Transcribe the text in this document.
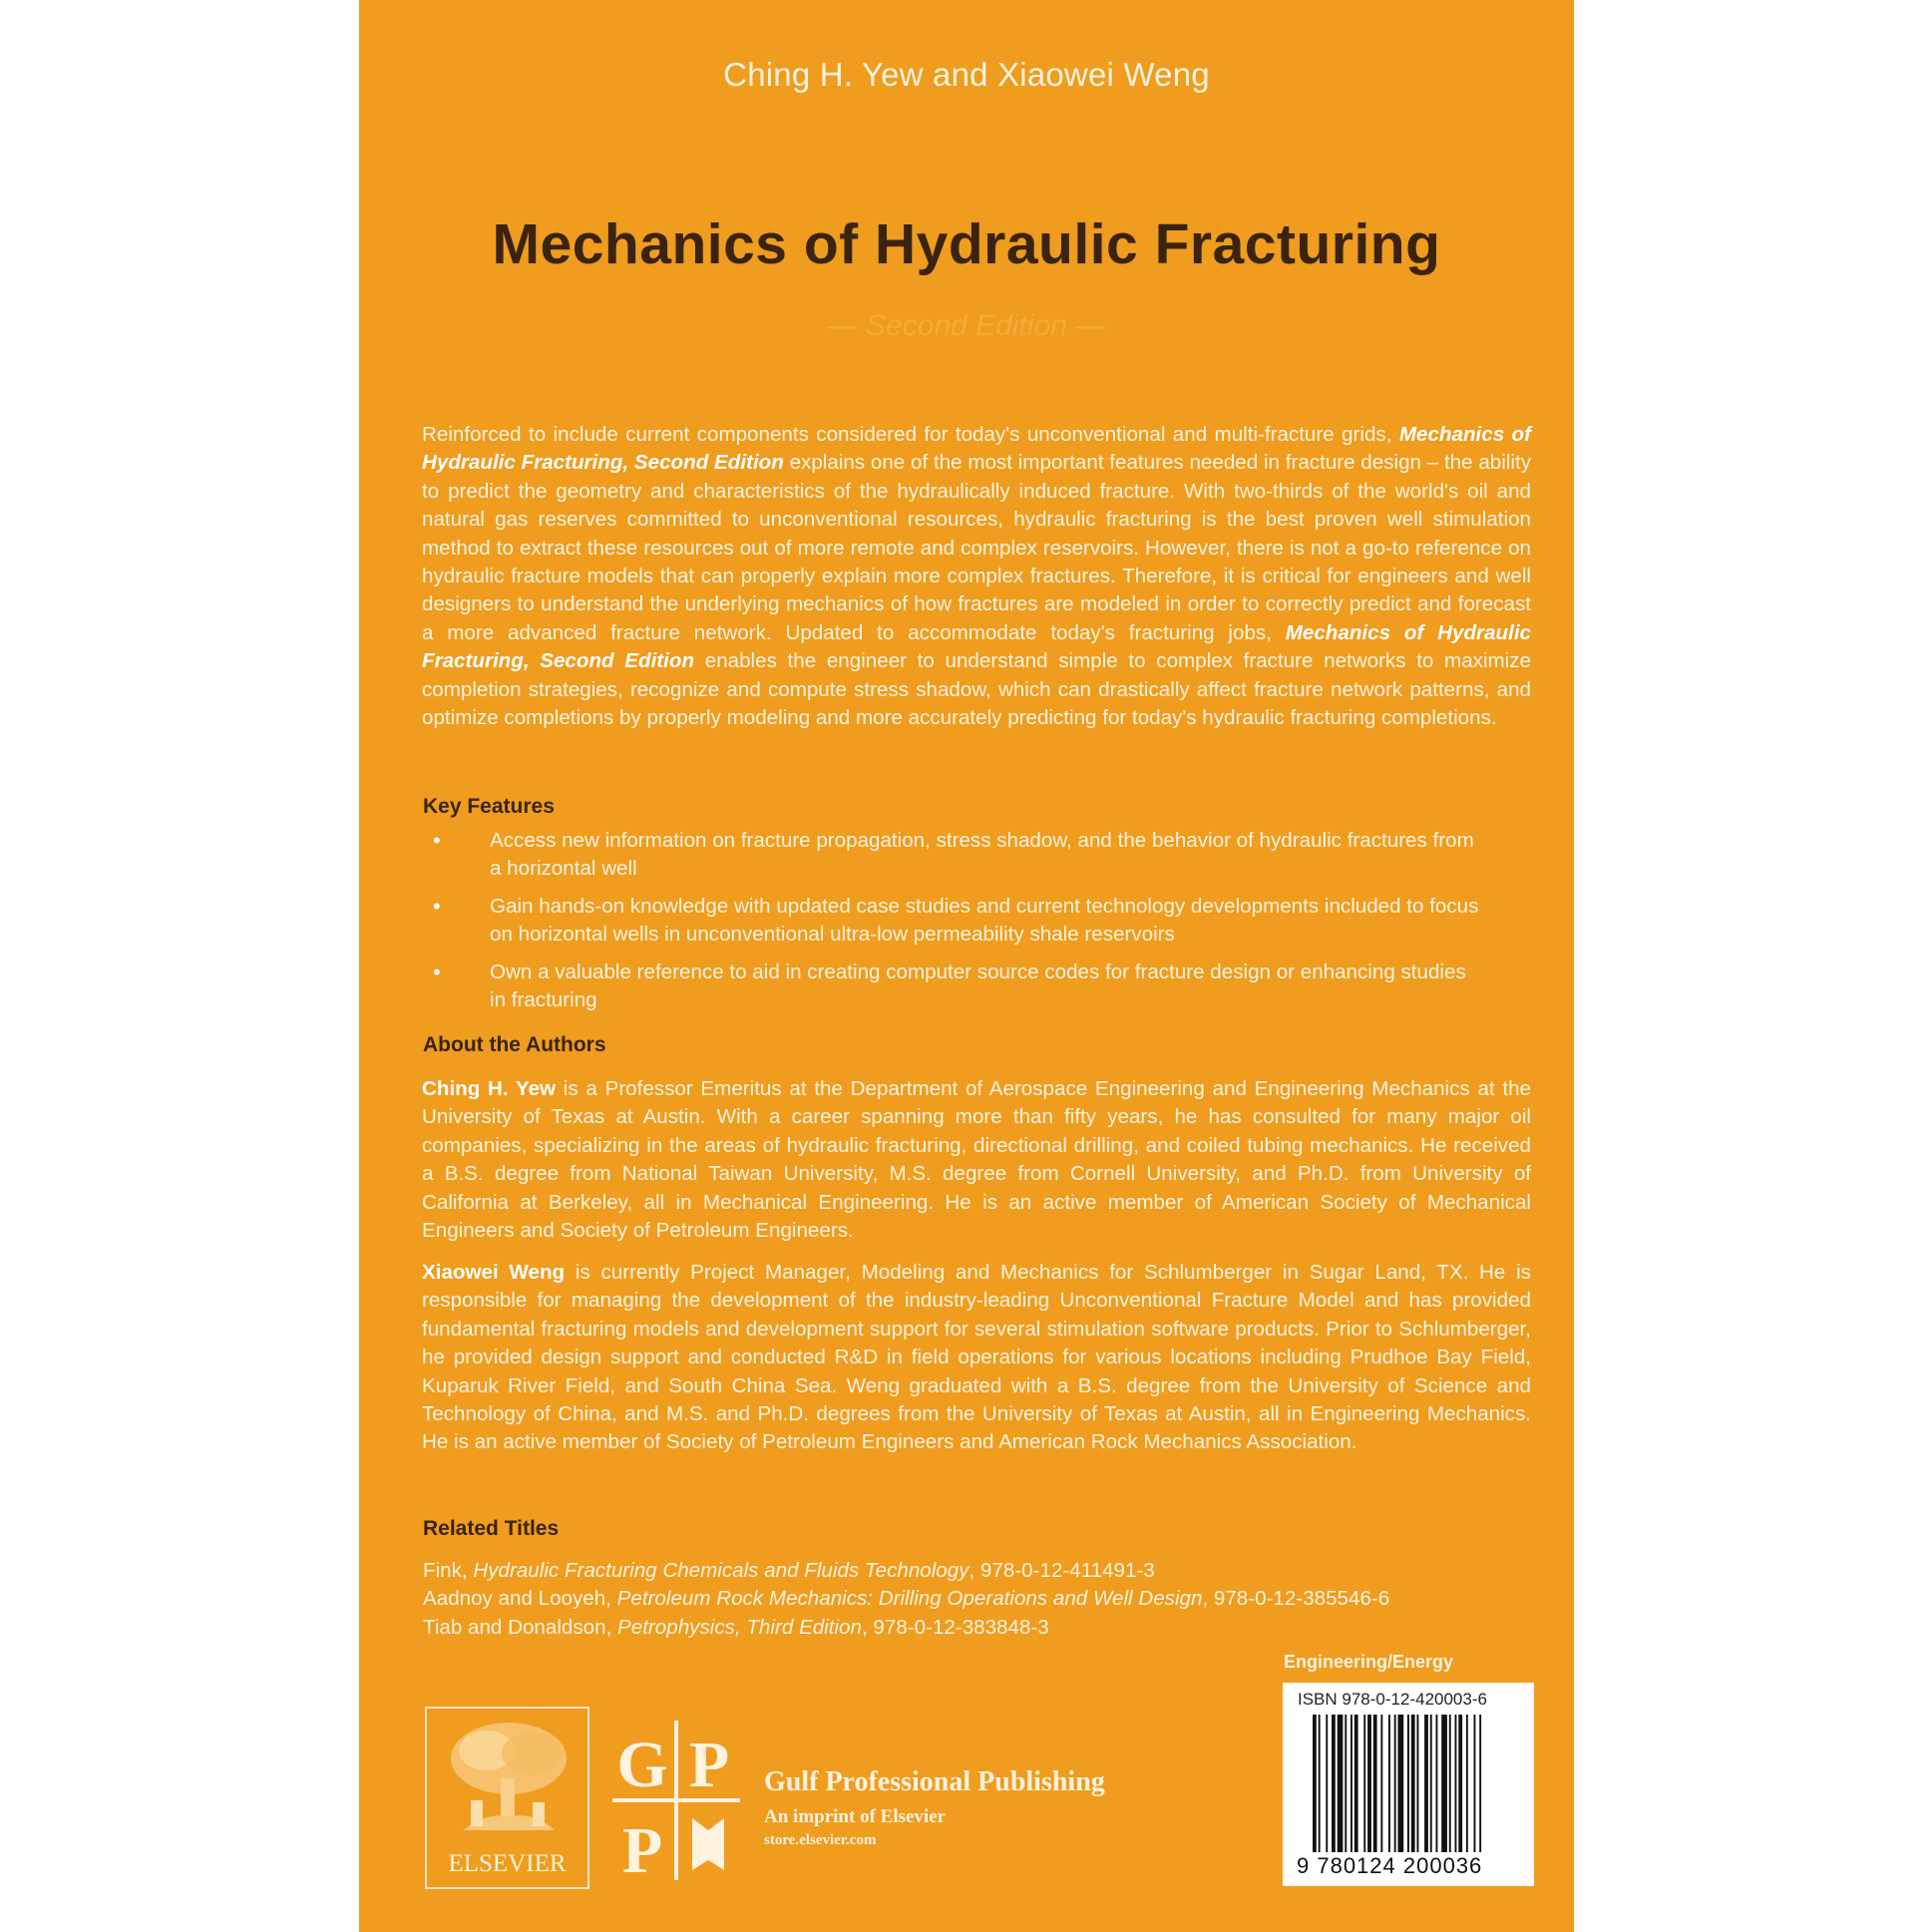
Ching H. Yew and Xiaowei Weng
Mechanics of Hydraulic Fracturing
— Second Edition —
Reinforced to include current components considered for today's unconventional and multi-fracture grids, Mechanics of Hydraulic Fracturing, Second Edition explains one of the most important features needed in fracture design – the ability to predict the geometry and characteristics of the hydraulically induced fracture. With two-thirds of the world's oil and natural gas reserves committed to unconventional resources, hydraulic fracturing is the best proven well stimulation method to extract these resources out of more remote and complex reservoirs. However, there is not a go-to reference on hydraulic fracture models that can properly explain more complex fractures. Therefore, it is critical for engineers and well designers to understand the underlying mechanics of how fractures are modeled in order to correctly predict and forecast a more advanced fracture network. Updated to accommodate today's fracturing jobs, Mechanics of Hydraulic Fracturing, Second Edition enables the engineer to understand simple to complex fracture networks to maximize completion strategies, recognize and compute stress shadow, which can drastically affect fracture network patterns, and optimize completions by properly modeling and more accurately predicting for today's hydraulic fracturing completions.
Key Features
• Access new information on fracture propagation, stress shadow, and the behavior of hydraulic fractures from a horizontal well
• Gain hands-on knowledge with updated case studies and current technology developments included to focus on horizontal wells in unconventional ultra-low permeability shale reservoirs
• Own a valuable reference to aid in creating computer source codes for fracture design or enhancing studies in fracturing
About the Authors
Ching H. Yew is a Professor Emeritus at the Department of Aerospace Engineering and Engineering Mechanics at the University of Texas at Austin. With a career spanning more than fifty years, he has consulted for many major oil companies, specializing in the areas of hydraulic fracturing, directional drilling, and coiled tubing mechanics. He received a B.S. degree from National Taiwan University, M.S. degree from Cornell University, and Ph.D. from University of California at Berkeley, all in Mechanical Engineering. He is an active member of American Society of Mechanical Engineers and Society of Petroleum Engineers.
Xiaowei Weng is currently Project Manager, Modeling and Mechanics for Schlumberger in Sugar Land, TX. He is responsible for managing the development of the industry-leading Unconventional Fracture Model and has provided fundamental fracturing models and development support for several stimulation software products. Prior to Schlumberger, he provided design support and conducted R&D in field operations for various locations including Prudhoe Bay Field, Kuparuk River Field, and South China Sea. Weng graduated with a B.S. degree from the University of Science and Technology of China, and M.S. and Ph.D. degrees from the University of Texas at Austin, all in Engineering Mechanics. He is an active member of Society of Petroleum Engineers and American Rock Mechanics Association.
Related Titles
Fink, Hydraulic Fracturing Chemicals and Fluids Technology, 978-0-12-411491-3
Aadnoy and Looyeh, Petroleum Rock Mechanics: Drilling Operations and Well Design, 978-0-12-385546-6
Tiab and Donaldson, Petrophysics, Third Edition, 978-0-12-383848-3
Engineering/Energy
ISBN 978-0-12-420003-6
9 780124 200036
ELSEVIER
G P
P
Gulf Professional Publishing
An imprint of Elsevier
store.elsevier.com
